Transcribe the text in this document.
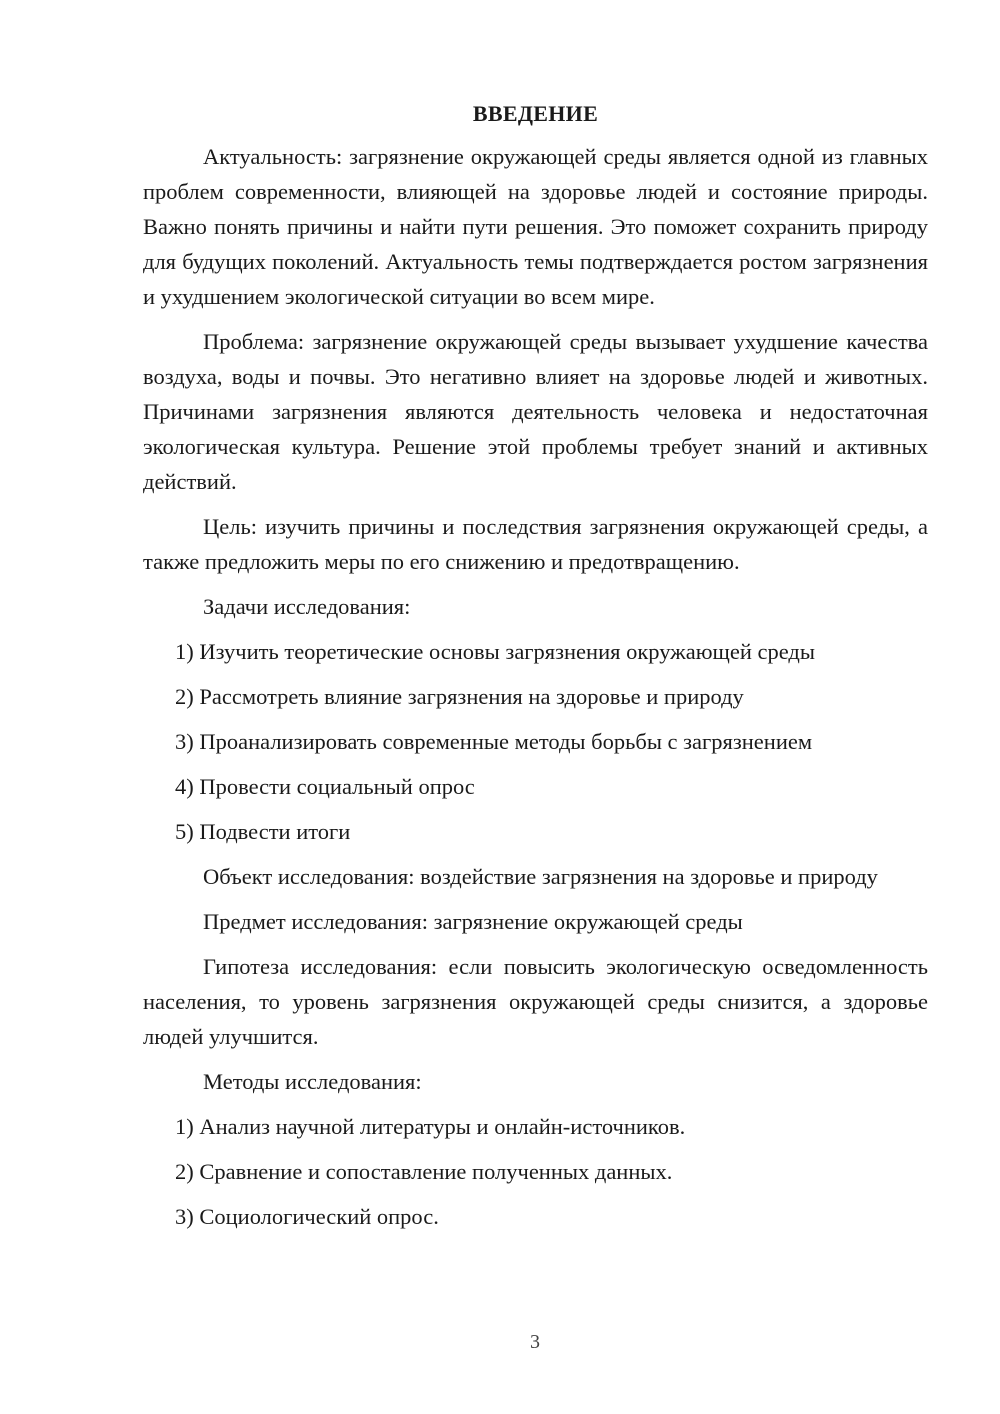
ВВЕДЕНИЕ

Актуальность: загрязнение окружающей среды является одной из главных проблем современности, влияющей на здоровье людей и состояние природы. Важно понять причины и найти пути решения. Это поможет сохранить природу для будущих поколений. Актуальность темы подтверждается ростом загрязнения и ухудшением экологической ситуации во всем мире.

Проблема: загрязнение окружающей среды вызывает ухудшение качества воздуха, воды и почвы. Это негативно влияет на здоровье людей и животных. Причинами загрязнения являются деятельность человека и недостаточная экологическая культура. Решение этой проблемы требует знаний и активных действий.

Цель: изучить причины и последствия загрязнения окружающей среды, а также предложить меры по его снижению и предотвращению.

Задачи исследования:

1) Изучить теоретические основы загрязнения окружающей среды
2) Рассмотреть влияние загрязнения на здоровье и природу
3) Проанализировать современные методы борьбы с загрязнением
4) Провести социальный опрос
5) Подвести итоги

Объект исследования: воздействие загрязнения на здоровье и природу

Предмет исследования: загрязнение окружающей среды

Гипотеза исследования: если повысить экологическую осведомленность населения, то уровень загрязнения окружающей среды снизится, а здоровье людей улучшится.

Методы исследования:

1) Анализ научной литературы и онлайн-источников.
2) Сравнение и сопоставление полученных данных.
3) Социологический опрос.
3
